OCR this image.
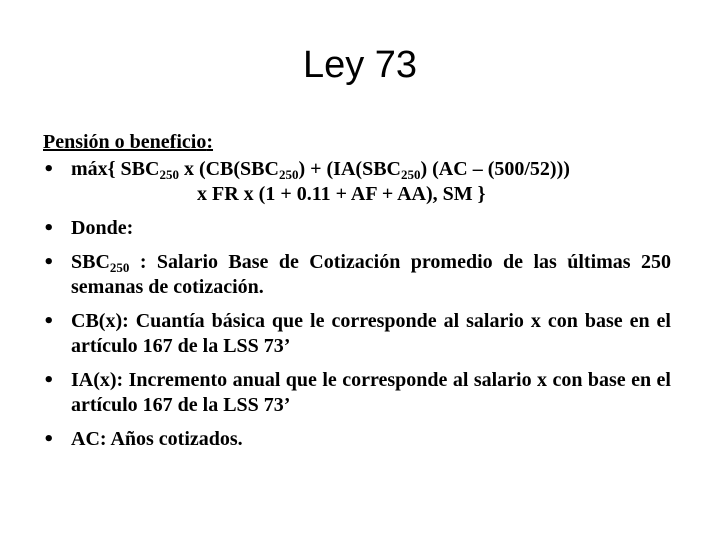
Ley 73
Pensión o beneficio:
• máx{ $SBC_{250}$ x ($CB(SBC_{250}) + (IA(SBC_{250})$ (AC – (500/52)))
x FR x (1 + 0.11 + AF + AA), SM }
• Donde:
• $SBC_{250}$ : Salario Base de Cotización promedio de las últimas 250 semanas de cotización.
• CB(x): Cuantía básica que le corresponde al salario x con base en el artículo 167 de la LSS 73’
• IA(x): Incremento anual que le corresponde al salario x con base en el artículo 167 de la LSS 73’
• AC: Años cotizados.
